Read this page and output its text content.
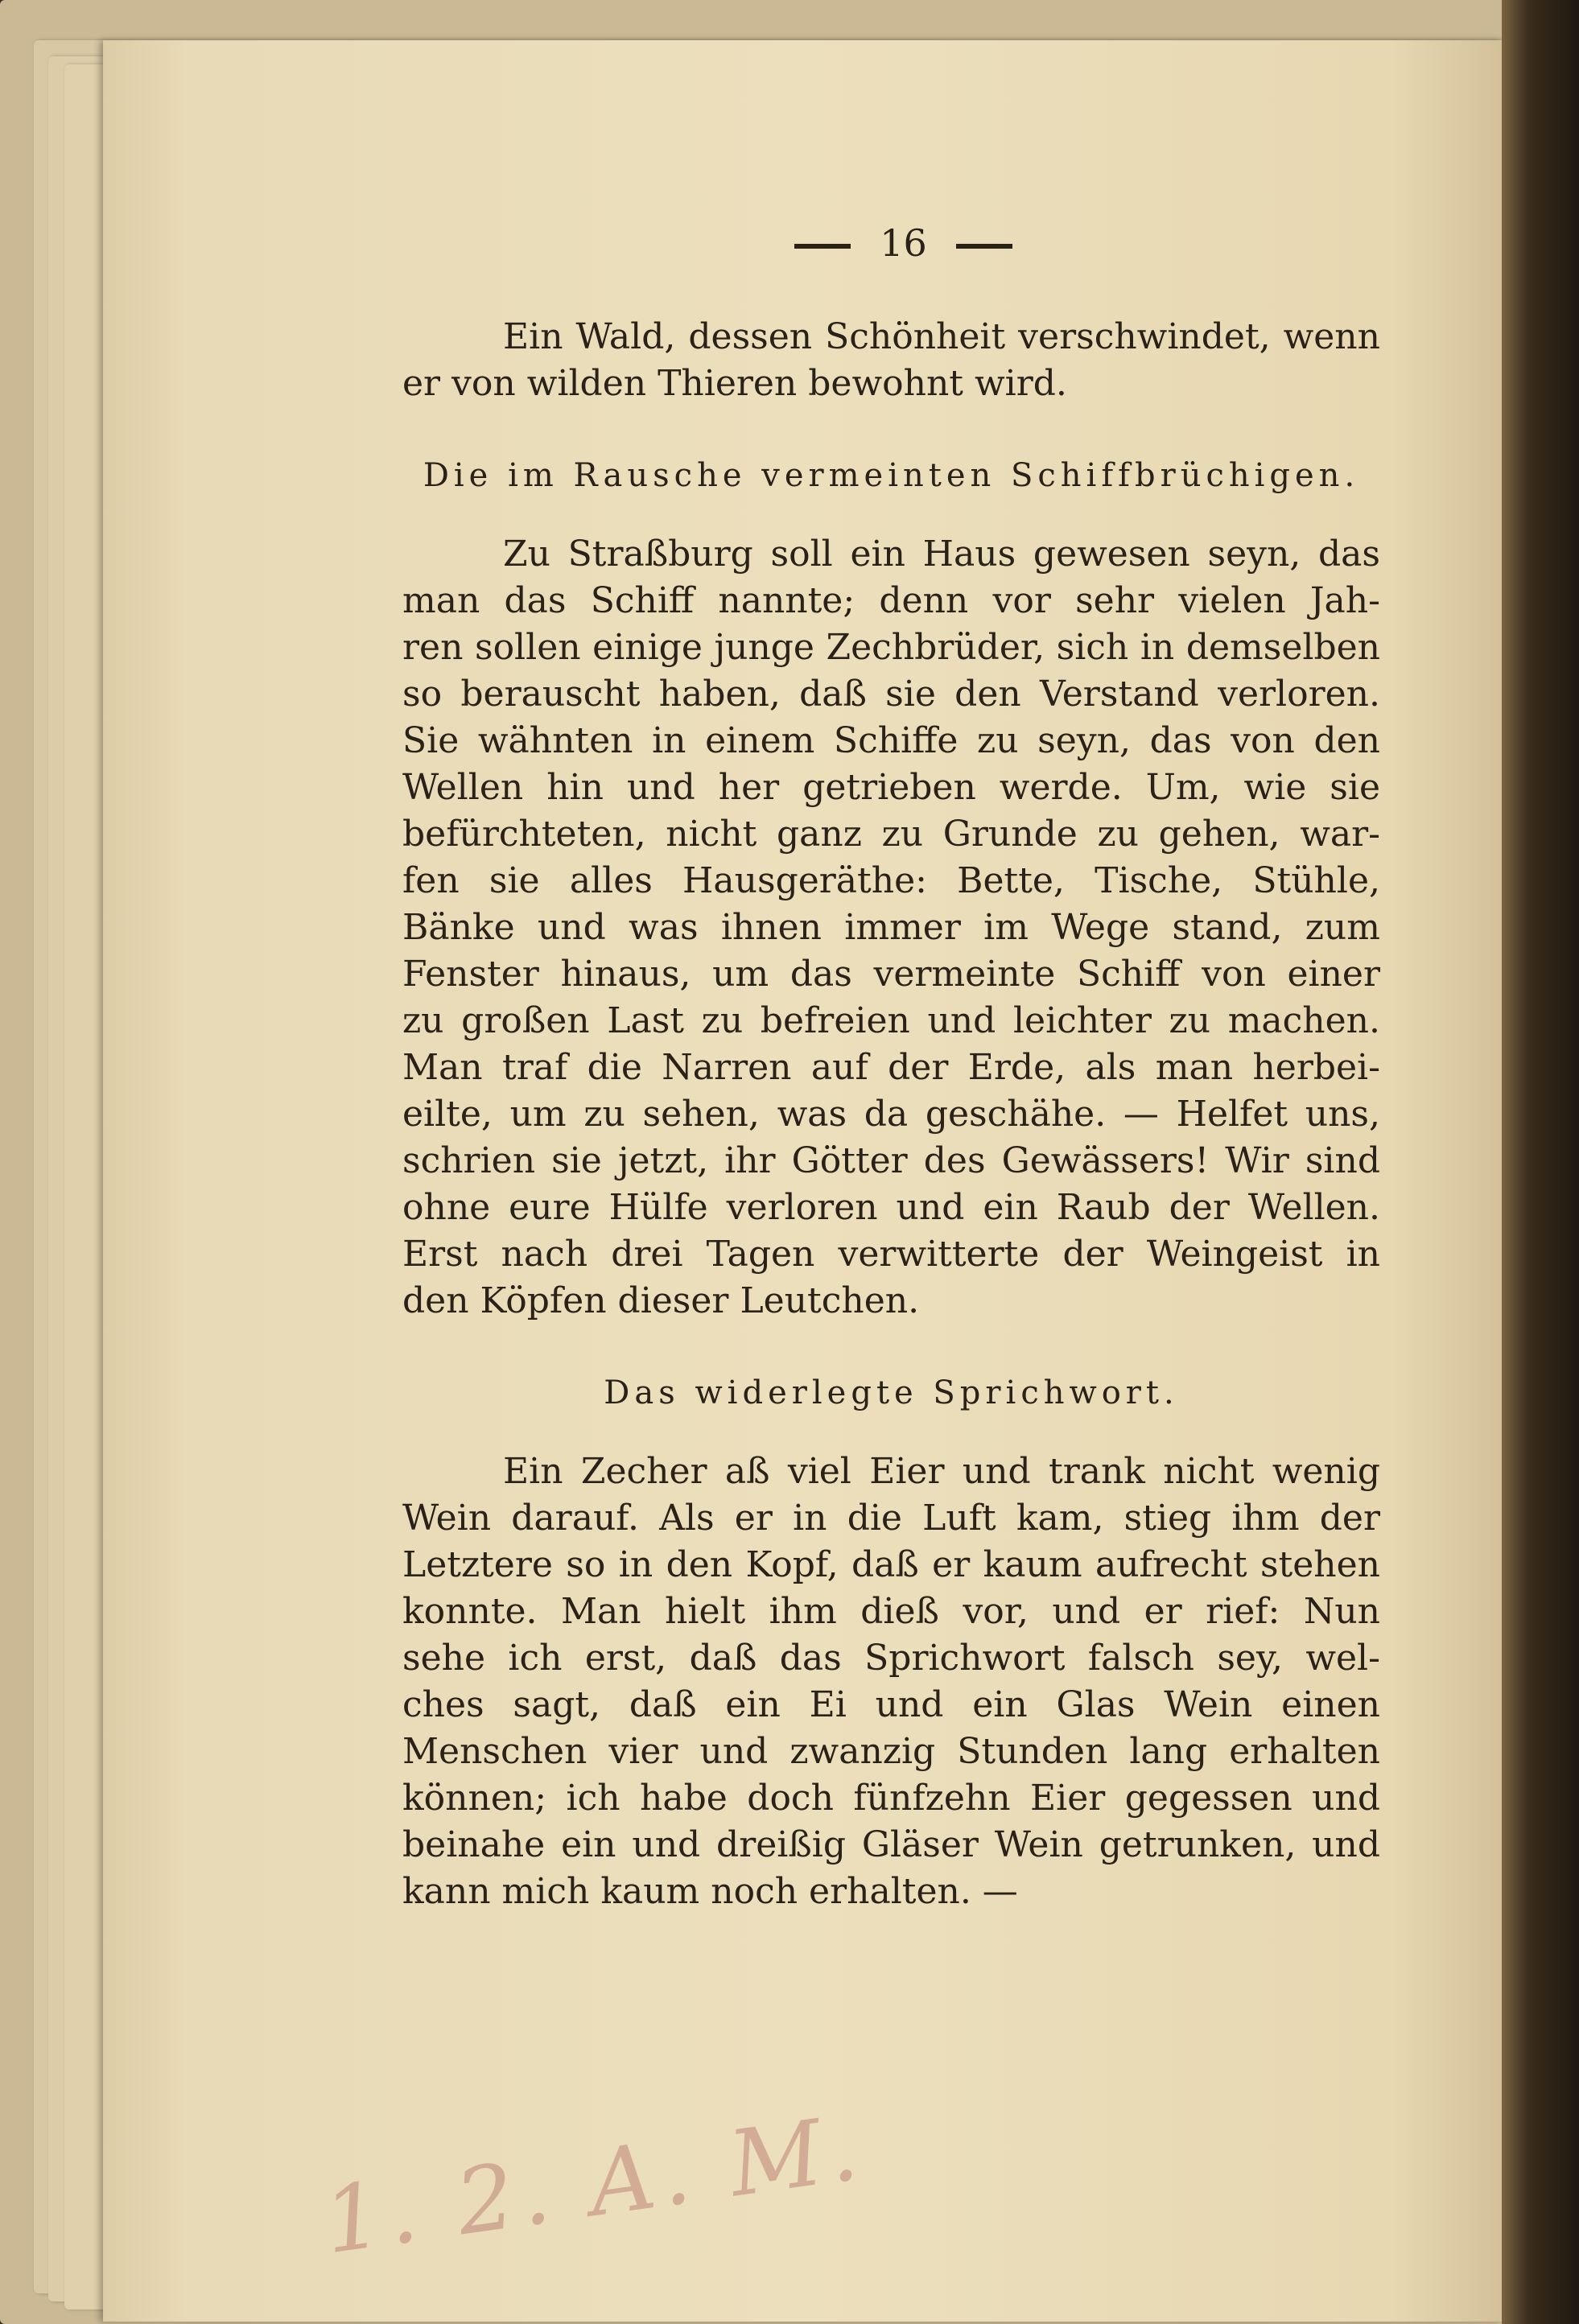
16
Ein Wald, dessen Schönheit verschwindet, wenn
er von wilden Thieren bewohnt wird.
Die im Rausche vermeinten Schiffbrüchigen.
Zu Straßburg soll ein Haus gewesen seyn, das
man das Schiff nannte; denn vor sehr vielen Jah-
ren sollen einige junge Zechbrüder, sich in demselben
so berauscht haben, daß sie den Verstand verloren.
Sie wähnten in einem Schiffe zu seyn, das von den
Wellen hin und her getrieben werde. Um, wie sie
befürchteten, nicht ganz zu Grunde zu gehen, war-
fen sie alles Hausgeräthe: Bette, Tische, Stühle,
Bänke und was ihnen immer im Wege stand, zum
Fenster hinaus, um das vermeinte Schiff von einer
zu großen Last zu befreien und leichter zu machen.
Man traf die Narren auf der Erde, als man herbei-
eilte, um zu sehen, was da geschähe. — Helfet uns,
schrien sie jetzt, ihr Götter des Gewässers! Wir sind
ohne eure Hülfe verloren und ein Raub der Wellen.
Erst nach drei Tagen verwitterte der Weingeist in
den Köpfen dieser Leutchen.
Das widerlegte Sprichwort.
Ein Zecher aß viel Eier und trank nicht wenig
Wein darauf. Als er in die Luft kam, stieg ihm der
Letztere so in den Kopf, daß er kaum aufrecht stehen
konnte. Man hielt ihm dieß vor, und er rief: Nun
sehe ich erst, daß das Sprichwort falsch sey, wel-
ches sagt, daß ein Ei und ein Glas Wein einen
Menschen vier und zwanzig Stunden lang erhalten
können; ich habe doch fünfzehn Eier gegessen und
beinahe ein und dreißig Gläser Wein getrunken, und
kann mich kaum noch erhalten. —
1. 2. A. M.
